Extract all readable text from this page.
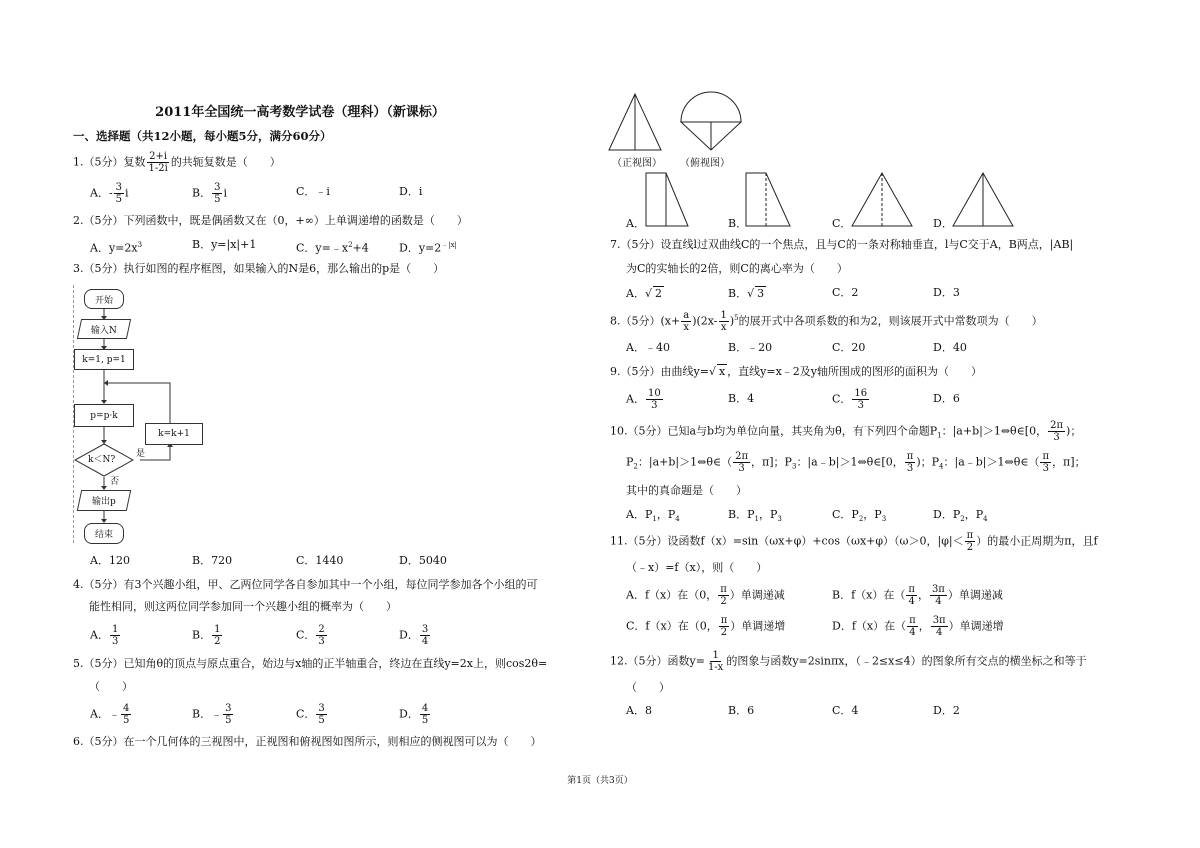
2011年全国统一高考数学试卷（理科）（新课标）
一、选择题（共12小题，每小题5分，满分60分）
1.（5分）复数 $\frac{2+i}{1-2i}$ 的共轭复数是（　　）
A．- $\frac{3}{5}$ i	B． $\frac{3}{5}$ i	C．﹣i	D．i
2.（5分）下列函数中，既是偶函数又在（0，+∞）上单调递增的函数是（　　）
A．$y=2x^3$	B．y=|x|+1	C．$y=﹣x^2+4$	D．$y=2^{﹣|x|}$
3.（5分）执行如图的程序框图，如果输入的N是6，那么输出的p是（　　）
开始
输入N
k=1, p=1
p=p·k
k=k+1
k＜N?
是
否
输出p
结束
A．120	B．720	C．1440	D．5040
4.（5分）有3个兴趣小组，甲、乙两位同学各自参加其中一个小组，每位同学参加各个小组的可
能性相同，则这两位同学参加同一个兴趣小组的概率为（　　）
A． $\frac{1}{3}$	B． $\frac{1}{2}$	C． $\frac{2}{3}$	D． $\frac{3}{4}$
5.（5分）已知角θ的顶点与原点重合，始边与x轴的正半轴重合，终边在直线y=2x上，则cos2θ=
（　　）
A．﹣ $\frac{4}{5}$	B．﹣ $\frac{3}{5}$	C． $\frac{3}{5}$	D． $\frac{4}{5}$
6.（5分）在一个几何体的三视图中，正视图和俯视图如图所示，则相应的侧视图可以为（　　）
（正视图） （俯视图）
A．	B．	C．	D．
7.（5分）设直线l过双曲线C的一个焦点，且与C的一条对称轴垂直，l与C交于A，B两点，|AB|
为C的实轴长的2倍，则C的离心率为（　　）
A．√ 2	B．√ 3	C．2	D．3
8.（5分）$(x+ \frac{a}{x} )(2x- \frac{1}{x} )^5$的展开式中各项系数的和为2，则该展开式中常数项为（　　）
A．﹣40	B．﹣20	C．20	D．40
9.（5分）由曲线y=√ x ，直线y=x﹣2及y轴所围成的图形的面积为（　　）
A． $\frac{10}{3}$	B．4	C． $\frac{16}{3}$	D．6
10.（5分）已知a与b均为单位向量，其夹角为θ，有下列四个命题$P_1$：|a+b|＞1⇔θ∈[0， $\frac{2\pi}{3}$ )；
$P_2$：|a+b|＞1⇔θ∈（ $\frac{2\pi}{3}$ ，π]；$P_3$：|a﹣b|＞1⇔θ∈[0， $\frac{\pi}{3}$ )；$P_4$：|a﹣b|＞1⇔θ∈（ $\frac{\pi}{3}$ ，π]；
其中的真命题是（　　）
A．$P_1$，$P_4$	B．$P_1$，$P_3$	C．$P_2$，$P_3$	D．$P_2$，$P_4$
11.（5分）设函数f（x）=sin（ωx+φ）+cos（ωx+φ）（ω＞0，$|\varphi|< \frac{\pi}{2}$ ）的最小正周期为π，且f
（﹣x）=f（x），则（　　）
A．f（x）在（0， $\frac{\pi}{2}$ ）单调递减	B．f（x）在（ $\frac{\pi}{4}$ ， $\frac{3\pi}{4}$ ）单调递减
C．f（x）在（0， $\frac{\pi}{2}$ ）单调递增	D．f（x）在（ $\frac{\pi}{4}$ ， $\frac{3\pi}{4}$ ）单调递增
12.（5分）函数$y= \frac{1}{1-x}$ 的图象与函数y=2sinπx，（﹣2≤x≤4）的图象所有交点的横坐标之和等于
（　　）
A．8	B．6	C．4	D．2
第1页（共3页）
